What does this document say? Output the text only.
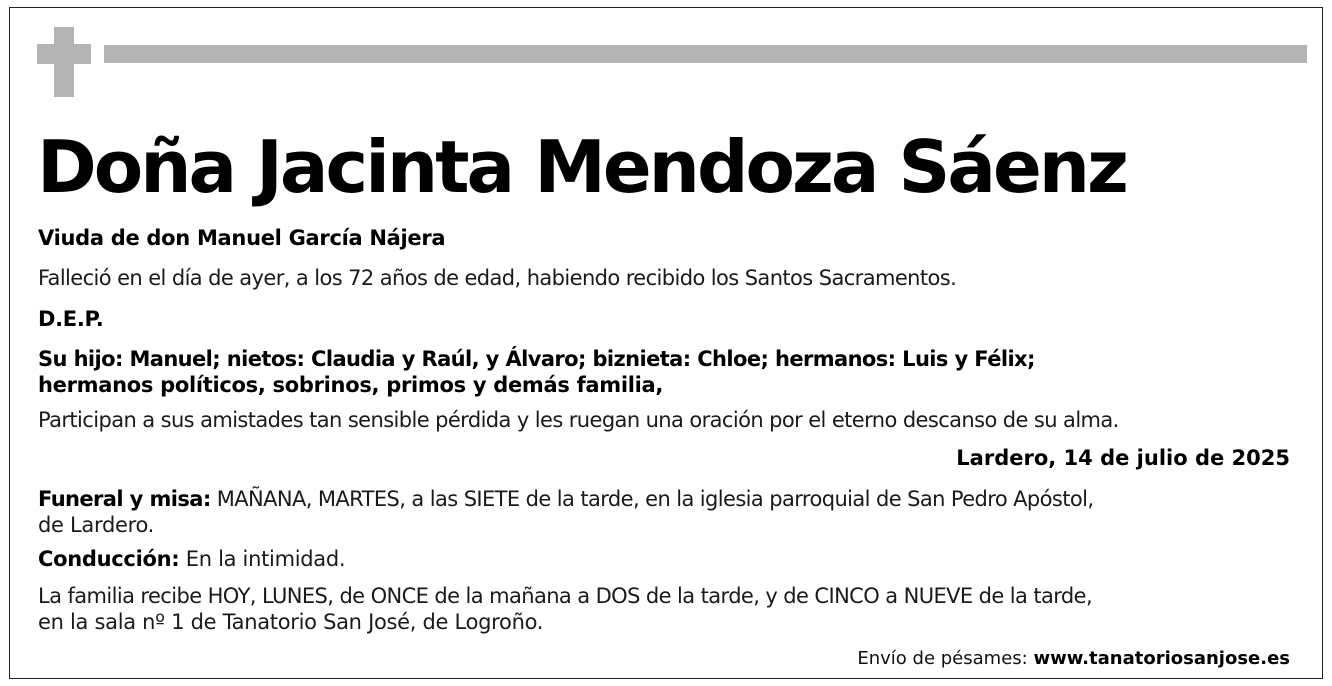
Doña Jacinta Mendoza Sáenz
Viuda de don Manuel García Nájera
Falleció en el día de ayer, a los 72 años de edad, habiendo recibido los Santos Sacramentos.
D.E.P.
Su hijo: Manuel; nietos: Claudia y Raúl, y Álvaro; biznieta: Chloe; hermanos: Luis y Félix;
hermanos políticos, sobrinos, primos y demás familia,
Participan a sus amistades tan sensible pérdida y les ruegan una oración por el eterno descanso de su alma.
Lardero, 14 de julio de 2025
Funeral y misa: MAÑANA, MARTES, a las SIETE de la tarde, en la iglesia parroquial de San Pedro Apóstol,
de Lardero.
Conducción: En la intimidad.
La familia recibe HOY, LUNES, de ONCE de la mañana a DOS de la tarde, y de CINCO a NUEVE de la tarde,
en la sala nº 1 de Tanatorio San José, de Logroño.
Envío de pésames: www.tanatoriosanjose.es
